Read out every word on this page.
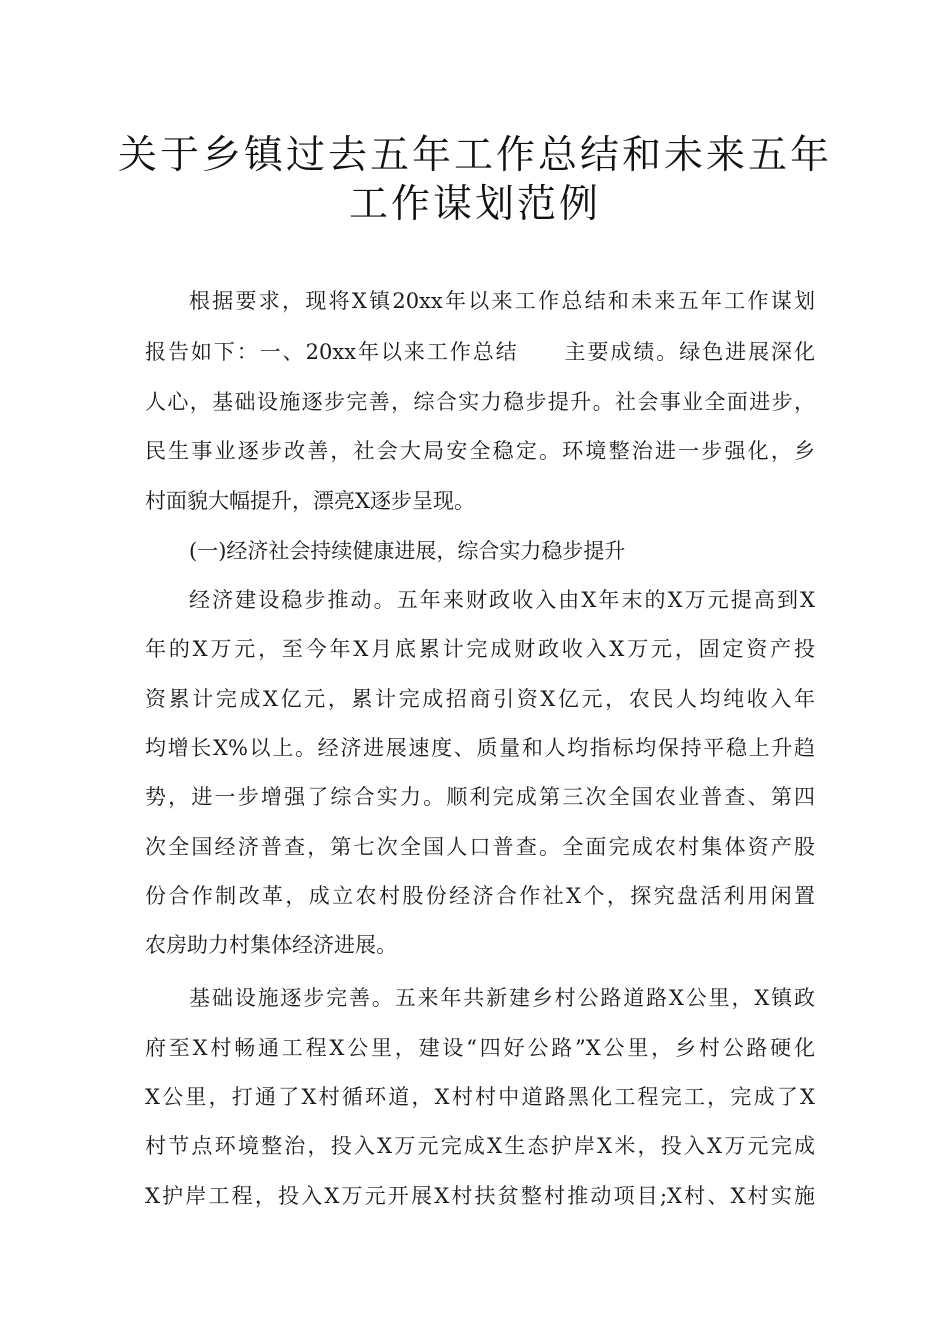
关于乡镇过去五年工作总结和未来五年
工作谋划范例
根据要求，现将X镇20xx年以来工作总结和未来五年工作谋划
报告如下：一、20xx年以来工作总结　　主要成绩。绿色进展深化
人心，基础设施逐步完善，综合实力稳步提升。社会事业全面进步，
民生事业逐步改善，社会大局安全稳定。环境整治进一步强化，乡
村面貌大幅提升，漂亮X逐步呈现。
(一)经济社会持续健康进展，综合实力稳步提升
经济建设稳步推动。五年来财政收入由X年末的X万元提高到X
年的X万元，至今年X月底累计完成财政收入X万元，固定资产投
资累计完成X亿元，累计完成招商引资X亿元，农民人均纯收入年
均增长X%以上。经济进展速度、质量和人均指标均保持平稳上升趋
势，进一步增强了综合实力。顺利完成第三次全国农业普查、第四
次全国经济普查，第七次全国人口普查。全面完成农村集体资产股
份合作制改革，成立农村股份经济合作社X个，探究盘活利用闲置
农房助力村集体经济进展。
基础设施逐步完善。五来年共新建乡村公路道路X公里，X镇政
府至X村畅通工程X公里，建设“四好公路”X公里，乡村公路硬化
X公里，打通了X村循环道，X村村中道路黑化工程完工，完成了X
村节点环境整治，投入X万元完成X生态护岸X米，投入X万元完成
X护岸工程，投入X万元开展X村扶贫整村推动项目;X村、X村实施
